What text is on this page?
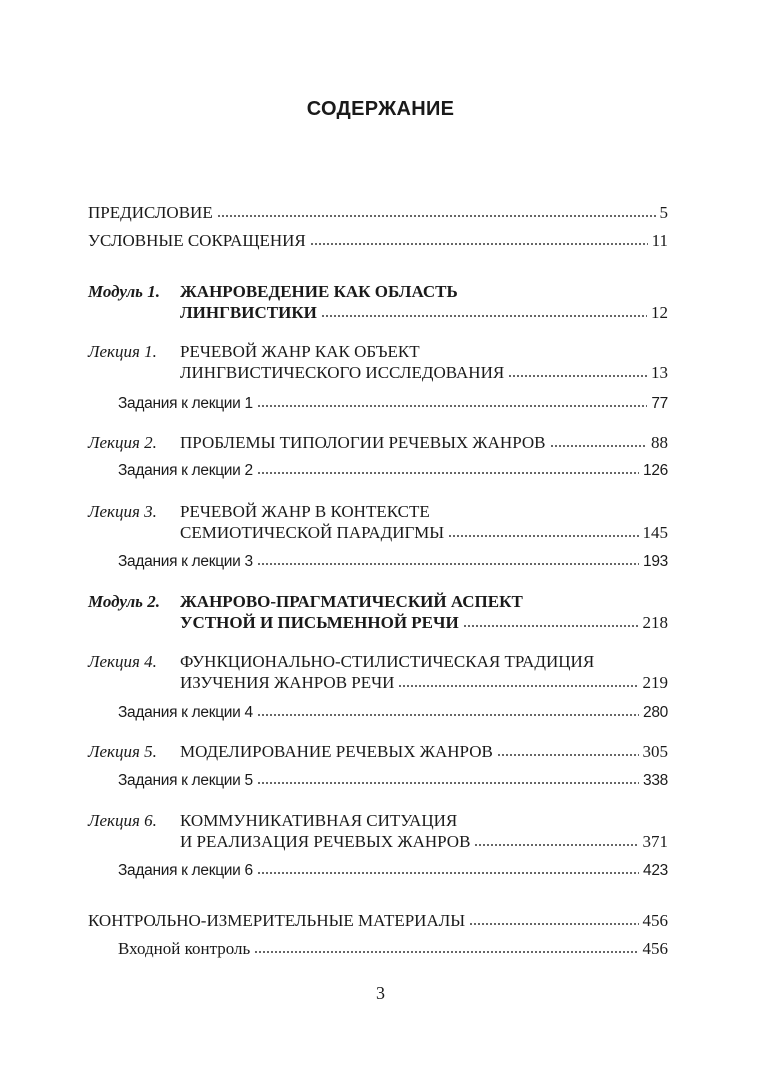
СОДЕРЖАНИЕ
ПРЕДИСЛОВИЕ	5
УСЛОВНЫЕ СОКРАЩЕНИЯ	11
Модуль 1. ЖАНРОВЕДЕНИЕ КАК ОБЛАСТЬ
ЛИНГВИСТИКИ	12
Лекция 1. РЕЧЕВОЙ ЖАНР КАК ОБЪЕКТ
ЛИНГВИСТИЧЕСКОГО ИССЛЕДОВАНИЯ	13
Задания к лекции 1	77
Лекция 2. ПРОБЛЕМЫ ТИПОЛОГИИ РЕЧЕВЫХ ЖАНРОВ	88
Задания к лекции 2	126
Лекция 3. РЕЧЕВОЙ ЖАНР В КОНТЕКСТЕ
СЕМИОТИЧЕСКОЙ ПАРАДИГМЫ	145
Задания к лекции 3	193
Модуль 2. ЖАНРОВО-ПРАГМАТИЧЕСКИЙ АСПЕКТ
УСТНОЙ И ПИСЬМЕННОЙ РЕЧИ	218
Лекция 4. ФУНКЦИОНАЛЬНО-СТИЛИСТИЧЕСКАЯ ТРАДИЦИЯ
ИЗУЧЕНИЯ ЖАНРОВ РЕЧИ	219
Задания к лекции 4	280
Лекция 5. МОДЕЛИРОВАНИЕ РЕЧЕВЫХ ЖАНРОВ	305
Задания к лекции 5	338
Лекция 6. КОММУНИКАТИВНАЯ СИТУАЦИЯ
И РЕАЛИЗАЦИЯ РЕЧЕВЫХ ЖАНРОВ	371
Задания к лекции 6	423
КОНТРОЛЬНО-ИЗМЕРИТЕЛЬНЫЕ МАТЕРИАЛЫ	456
Входной контроль	456
3
